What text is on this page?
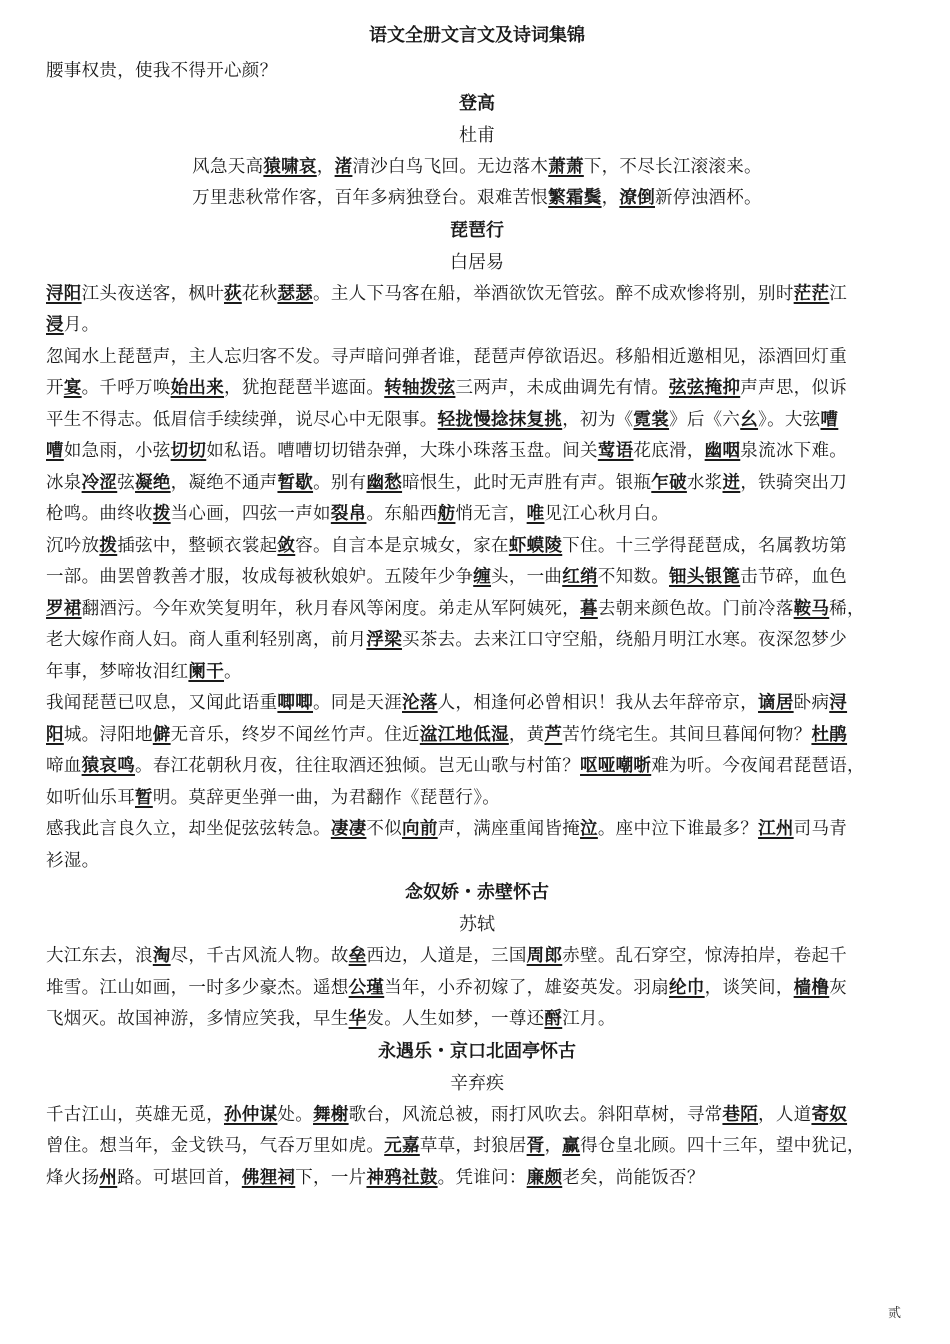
语文全册文言文及诗词集锦
腰事权贵，使我不得开心颜？
登高
杜甫
风急天高猿啸哀，渚清沙白鸟飞回。无边落木萧萧下，不尽长江滚滚来。
万里悲秋常作客，百年多病独登台。艰难苦恨繁霜鬓，潦倒新停浊酒杯。
琵琶行
白居易
浔阳江头夜送客，枫叶荻花秋瑟瑟。主人下马客在船，举酒欲饮无管弦。醉不成欢惨将别，别时茫茫江
浸月。
忽闻水上琵琶声，主人忘归客不发。寻声暗问弹者谁，琵琶声停欲语迟。移船相近邀相见，添酒回灯重
开宴。千呼万唤始出来，犹抱琵琶半遮面。转轴拨弦三两声，未成曲调先有情。弦弦掩抑声声思，似诉
平生不得志。低眉信手续续弹，说尽心中无限事。轻拢慢捻抹复挑，初为《霓裳》后《六幺》。大弦嘈
嘈如急雨，小弦切切如私语。嘈嘈切切错杂弹，大珠小珠落玉盘。间关莺语花底滑，幽咽泉流冰下难。
冰泉冷涩弦凝绝，凝绝不通声暂歇。别有幽愁暗恨生，此时无声胜有声。银瓶乍破水浆迸，铁骑突出刀
枪鸣。曲终收拨当心画，四弦一声如裂帛。东船西舫悄无言，唯见江心秋月白。
沉吟放拨插弦中，整顿衣裳起敛容。自言本是京城女，家在虾蟆陵下住。十三学得琵琶成，名属教坊第
一部。曲罢曾教善才服，妆成每被秋娘妒。五陵年少争缠头，一曲红绡不知数。钿头银篦击节碎，血色
罗裙翻酒污。今年欢笑复明年，秋月春风等闲度。弟走从军阿姨死，暮去朝来颜色故。门前冷落鞍马稀，
老大嫁作商人妇。商人重利轻别离，前月浮梁买茶去。去来江口守空船，绕船月明江水寒。夜深忽梦少
年事，梦啼妆泪红阑干。
我闻琵琶已叹息，又闻此语重唧唧。同是天涯沦落人，相逢何必曾相识！我从去年辞帝京，谪居卧病浔
阳城。浔阳地僻无音乐，终岁不闻丝竹声。住近湓江地低湿，黄芦苦竹绕宅生。其间旦暮闻何物？杜鹃
啼血猿哀鸣。春江花朝秋月夜，往往取酒还独倾。岂无山歌与村笛？呕哑嘲哳难为听。今夜闻君琵琶语，
如听仙乐耳暂明。莫辞更坐弹一曲，为君翻作《琵琶行》。
感我此言良久立，却坐促弦弦转急。凄凄不似向前声，满座重闻皆掩泣。座中泣下谁最多？江州司马青
衫湿。
念奴娇・赤壁怀古
苏轼
大江东去，浪淘尽，千古风流人物。故垒西边，人道是，三国周郎赤壁。乱石穿空，惊涛拍岸，卷起千
堆雪。江山如画，一时多少豪杰。遥想公瑾当年，小乔初嫁了，雄姿英发。羽扇纶巾，谈笑间，樯橹灰
飞烟灭。故国神游，多情应笑我，早生华发。人生如梦，一尊还酹江月。
永遇乐・京口北固亭怀古
辛弃疾
千古江山，英雄无觅，孙仲谋处。舞榭歌台，风流总被，雨打风吹去。斜阳草树，寻常巷陌，人道寄奴
曾住。想当年，金戈铁马，气吞万里如虎。元嘉草草，封狼居胥，赢得仓皇北顾。四十三年，望中犹记，
烽火扬州路。可堪回首，佛狸祠下，一片神鸦社鼓。凭谁问：廉颇老矣，尚能饭否？
贰
